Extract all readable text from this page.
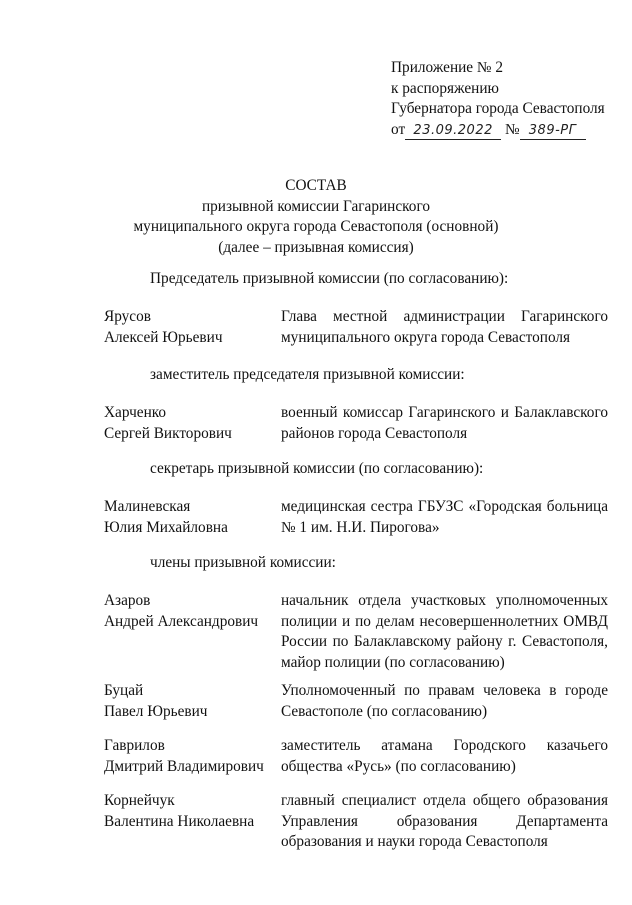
Приложение № 2
к распоряжению
Губернатора города Севастополя
от 23.09.2022 № 389-РГ
СОСТАВ
призывной комиссии Гагаринского
муниципального округа города Севастополя (основной)
(далее – призывная комиссия)
Председатель призывной комиссии (по согласованию):
Ярусов
Алексей Юрьевич
Глава местной администрации Гагаринского муниципального округа города Севастополя
заместитель председателя призывной комиссии:
Харченко
Сергей Викторович
военный комиссар Гагаринского и Балаклавского районов города Севастополя
секретарь призывной комиссии (по согласованию):
Малиневская
Юлия Михайловна
медицинская сестра ГБУЗС «Городская больница № 1 им. Н.И. Пирогова»
члены призывной комиссии:
Азаров
Андрей Александрович
начальник отдела участковых уполномоченных полиции и по делам несовершеннолетних ОМВД России по Балаклавскому району г. Севастополя, майор полиции (по согласованию)
Буцай
Павел Юрьевич
Уполномоченный по правам человека в городе Севастополе (по согласованию)
Гаврилов
Дмитрий Владимирович
заместитель атамана Городского казачьего общества «Русь» (по согласованию)
Корнейчук
Валентина Николаевна
главный специалист отдела общего образования Управления образования Департамента образования и науки города Севастополя
